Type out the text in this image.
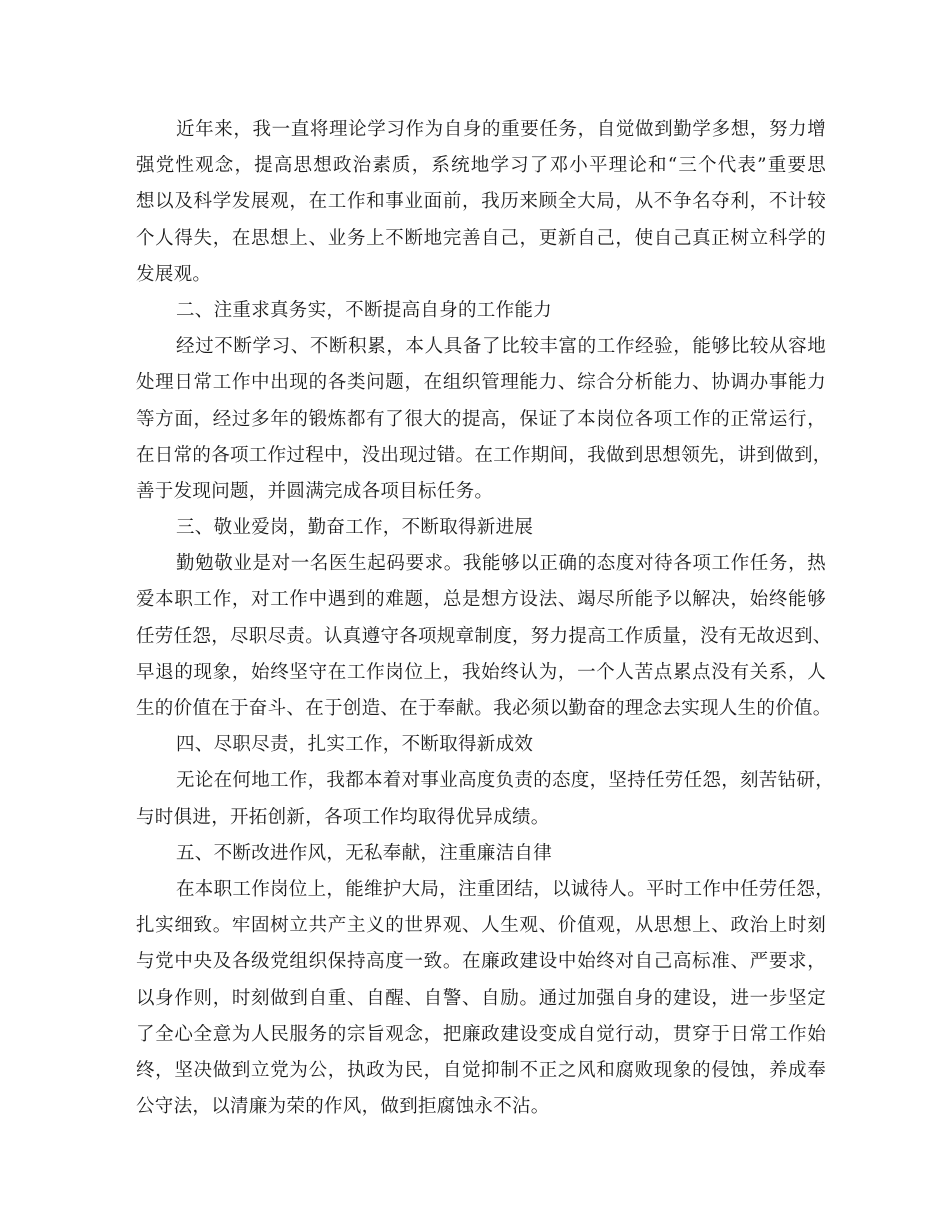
近年来，我一直将理论学习作为自身的重要任务，自觉做到勤学多想，努力增
强党性观念，提高思想政治素质，系统地学习了邓小平理论和“三个代表”重要思
想以及科学发展观，在工作和事业面前，我历来顾全大局，从不争名夺利，不计较
个人得失，在思想上、业务上不断地完善自己，更新自己，使自己真正树立科学的
发展观。
二、注重求真务实，不断提高自身的工作能力
经过不断学习、不断积累，本人具备了比较丰富的工作经验，能够比较从容地
处理日常工作中出现的各类问题，在组织管理能力、综合分析能力、协调办事能力
等方面，经过多年的锻炼都有了很大的提高，保证了本岗位各项工作的正常运行，
在日常的各项工作过程中，没出现过错。在工作期间，我做到思想领先，讲到做到，
善于发现问题，并圆满完成各项目标任务。
三、敬业爱岗，勤奋工作，不断取得新进展
勤勉敬业是对一名医生起码要求。我能够以正确的态度对待各项工作任务，热
爱本职工作，对工作中遇到的难题，总是想方设法、竭尽所能予以解决，始终能够
任劳任怨，尽职尽责。认真遵守各项规章制度，努力提高工作质量，没有无故迟到、
早退的现象，始终坚守在工作岗位上，我始终认为，一个人苦点累点没有关系，人
生的价值在于奋斗、在于创造、在于奉献。我必须以勤奋的理念去实现人生的价值。
四、尽职尽责，扎实工作，不断取得新成效
无论在何地工作，我都本着对事业高度负责的态度，坚持任劳任怨，刻苦钻研，
与时俱进，开拓创新，各项工作均取得优异成绩。
五、不断改进作风，无私奉献，注重廉洁自律
在本职工作岗位上，能维护大局，注重团结，以诚待人。平时工作中任劳任怨，
扎实细致。牢固树立共产主义的世界观、人生观、价值观，从思想上、政治上时刻
与党中央及各级党组织保持高度一致。在廉政建设中始终对自己高标准、严要求，
以身作则，时刻做到自重、自醒、自警、自励。通过加强自身的建设，进一步坚定
了全心全意为人民服务的宗旨观念，把廉政建设变成自觉行动，贯穿于日常工作始
终，坚决做到立党为公，执政为民，自觉抑制不正之风和腐败现象的侵蚀，养成奉
公守法，以清廉为荣的作风，做到拒腐蚀永不沾。
